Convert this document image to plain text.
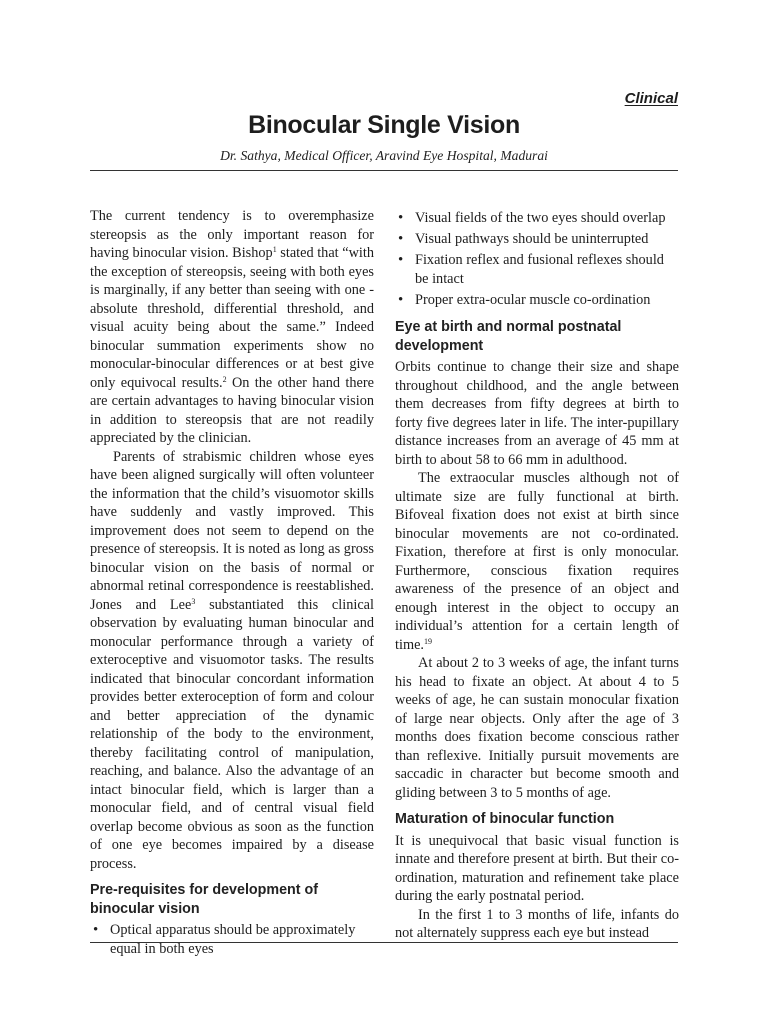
Clinical
Binocular Single Vision
Dr. Sathya, Medical Officer, Aravind Eye Hospital, Madurai

The current tendency is to overemphasize stereopsis as the only important reason for having binocular vision. Bishop$^1$ stated that “with the exception of stereopsis, seeing with both eyes is marginally, if any better than seeing with one - absolute threshold, differential threshold, and visual acuity being about the same.” Indeed binocular summation experiments show no monocular-binocular differences or at best give only equivocal results.$^2$ On the other hand there are certain advantages to having binocular vision in addition to stereopsis that are not readily appreciated by the clinician.

Parents of strabismic children whose eyes have been aligned surgically will often volunteer the information that the child’s visuomotor skills have suddenly and vastly improved. This improvement does not seem to depend on the presence of stereopsis. It is noted as long as gross binocular vision on the basis of normal or abnormal retinal correspondence is reestablished. Jones and Lee$^3$ substantiated this clinical observation by evaluating human binocular and monocular performance through a variety of exteroceptive and visuomotor tasks. The results indicated that binocular concordant information provides better exteroception of form and colour and better appreciation of the dynamic relationship of the body to the environment, thereby facilitating control of manipulation, reaching, and balance. Also the advantage of an intact binocular field, which is larger than a monocular field, and of central visual field overlap become obvious as soon as the function of one eye becomes impaired by a disease process.

Pre-requisites for development of binocular vision
• Optical apparatus should be approximately equal in both eyes
• Visual fields of the two eyes should overlap
• Visual pathways should be uninterrupted
• Fixation reflex and fusional reflexes should be intact
• Proper extra-ocular muscle co-ordination
Eye at birth and normal postnatal development

Orbits continue to change their size and shape throughout childhood, and the angle between them decreases from fifty degrees at birth to forty five degrees later in life. The inter-pupillary distance increases from an average of 45 mm at birth to about 58 to 66 mm in adulthood.

The extraocular muscles although not of ultimate size are fully functional at birth. Bifoveal fixation does not exist at birth since binocular movements are not co-ordinated. Fixation, therefore at first is only monocular. Furthermore, conscious fixation requires awareness of the presence of an object and enough interest in the object to occupy an individual’s attention for a certain length of time.$^{19}$

At about 2 to 3 weeks of age, the infant turns his head to fixate an object. At about 4 to 5 weeks of age, he can sustain monocular fixation of large near objects. Only after the age of 3 months does fixation become conscious rather than reflexive. Initially pursuit movements are saccadic in character but become smooth and gliding between 3 to 5 months of age.

Maturation of binocular function

It is unequivocal that basic visual function is innate and therefore present at birth. But their co-ordination, maturation and refinement take place during the early postnatal period.

In the first 1 to 3 months of life, infants do not alternately suppress each eye but instead
